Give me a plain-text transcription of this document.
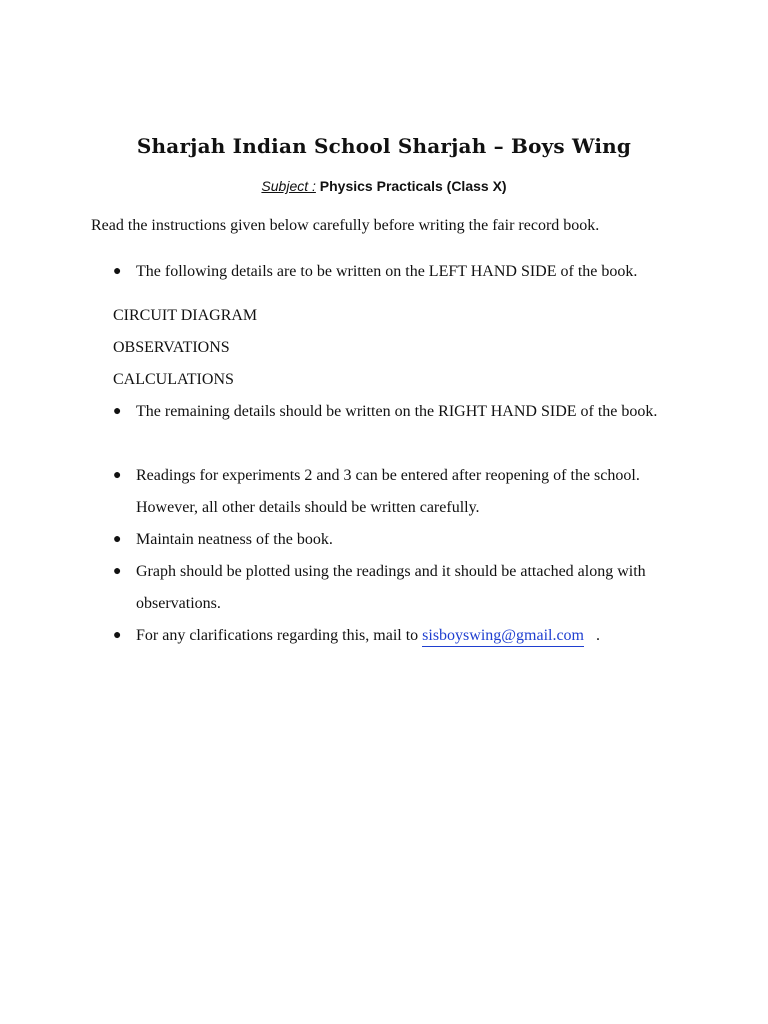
Sharjah Indian School Sharjah – Boys Wing
Subject : Physics Practicals (Class X)
Read the instructions given below carefully before writing the fair record book.
● The following details are to be written on the LEFT HAND SIDE of the book.
CIRCUIT DIAGRAM
OBSERVATIONS
CALCULATIONS
● The remaining details should be written on the RIGHT HAND SIDE of the book.
● Readings for experiments 2 and 3 can be entered after reopening of the school. However, all other details should be written carefully.
● Maintain neatness of the book.
● Graph should be plotted using the readings and it should be attached along with observations.
● For any clarifications regarding this, mail to sisboyswing@gmail.com .
